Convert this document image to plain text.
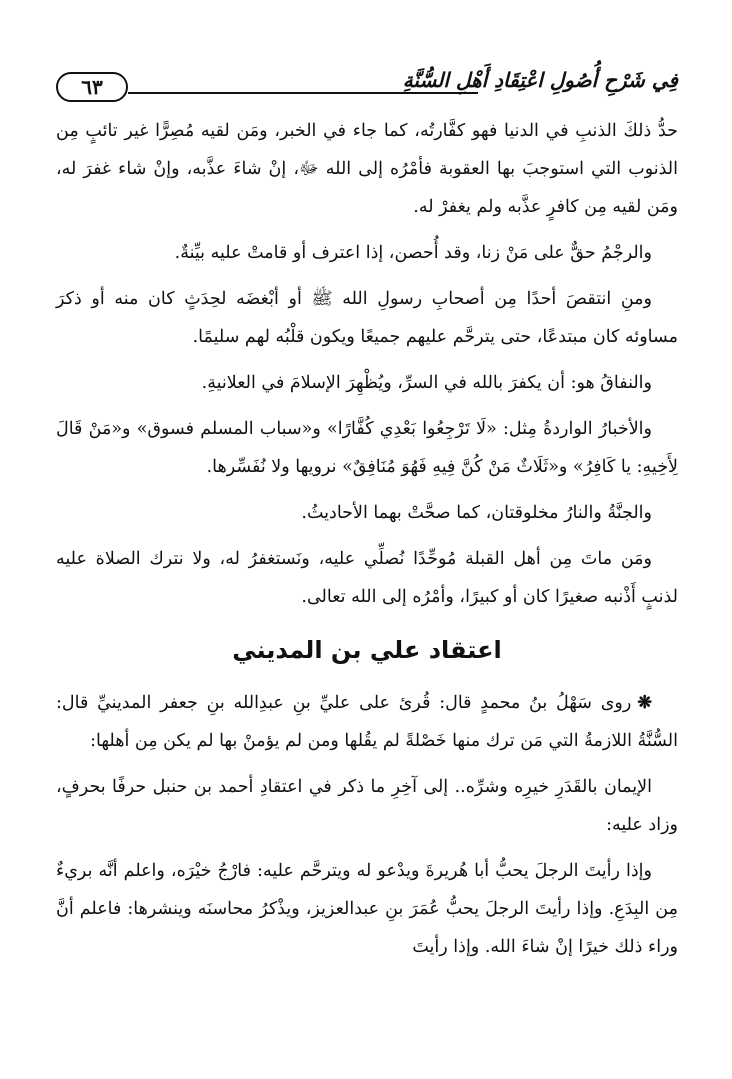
٦٣	فِي شَرْحِ أُصُولِ اعْتِقَادِ أَهْلِ السُّنَّةِ

حدُّ ذلكَ الذنبِ في الدنيا فهو كفَّارتُه، كما جاء في الخبر، ومَن لقيه مُصِرًّا غير تائبٍ مِن الذنوب التي استوجبَ بها العقوبة فأمْرُه إلى الله ﷻ، إنْ شاءَ عذَّبه، وإنْ شاء غفرَ له، ومَن لقيه مِن كافرٍ عذَّبه ولم يغفرْ له.

والرجْمُ حقٌّ على مَنْ زنا، وقد أُحصن، إذا اعترف أو قامتْ عليه بيِّنةٌ.

ومنِ انتقصَ أحدًا مِن أصحابِ رسولِ الله ﷺ أو أبْغضَه لحِدَثٍ كان منه أو ذكرَ مساوئه كان مبتدعًا، حتى يترحَّم عليهم جميعًا ويكون قلْبُه لهم سليمًا.

والنفاقُ هو: أن يكفرَ بالله في السرِّ، ويُظْهِرَ الإسلامَ في العلانيةِ.

والأخبارُ الواردةُ مِثل: «لَا تَرْجِعُوا بَعْدِي كُفَّارًا» و«سباب المسلم فسوق» و«مَنْ قَالَ لِأَخِيهِ: يا كَافِرُ» و«ثَلَاثٌ مَنْ كُنَّ فِيهِ فَهُوَ مُنَافِقٌ» نرويها ولا نُفَسِّرها.

والجنَّةُ والنارُ مخلوقتان، كما صحَّتْ بهما الأحاديثُ.

ومَن ماتَ مِن أهل القبلة مُوحِّدًا نُصلِّي عليه، ونَستغفرُ له، ولا نترك الصلاة عليه لذنبٍ أَذْنبه صغيرًا كان أو كبيرًا، وأمْرُه إلى الله تعالى.

اعتقاد علي بن المديني

❋روى سَهْلُ بنُ محمدٍ قال: قُرئ على عليِّ بنِ عبدِالله بنِ جعفر المدينيِّ قال: السُّنَّةُ اللازمةُ التي مَن ترك منها خَصْلةً لم يقُلها ومن لم يؤمنْ بها لم يكن مِن أهلها:

الإيمان بالقَدَرِ خيرِه وشرِّه.. إلى آخِرِ ما ذكر في اعتقادِ أحمد بن حنبل حرفًا بحرفٍ، وزاد عليه:

وإذا رأيتَ الرجلَ يحبُّ أبا هُريرةَ ويدْعو له ويترحَّم عليه: فارْجُ خيْرَه، واعلم أنَّه بريءٌ مِن البِدَعِ. وإذا رأيتَ الرجلَ يحبُّ عُمَرَ بنِ عبدالعزيز، ويذْكرُ محاسنَه وينشرها: فاعلم أنَّ وراء ذلك خيرًا إنْ شاءَ الله. وإذا رأيتَ
